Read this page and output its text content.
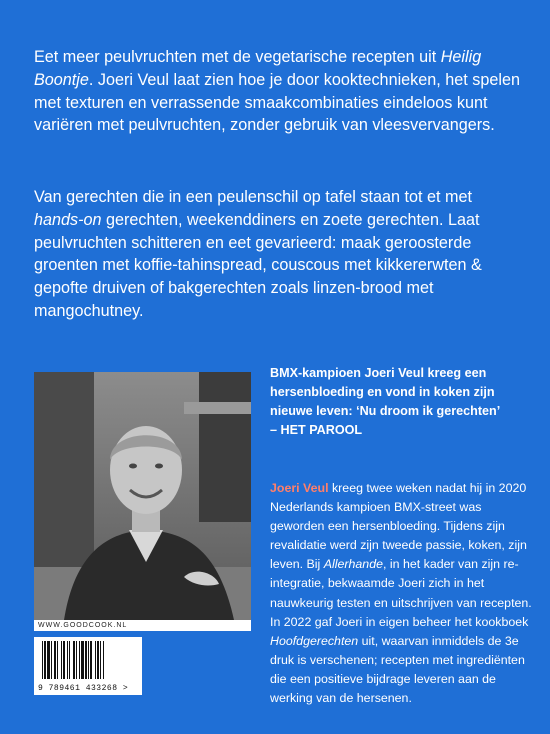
Eet meer peulvruchten met de vegetarische recepten uit Heilig Boontje. Joeri Veul laat zien hoe je door kooktechnieken, het spelen met texturen en verrassende smaakcombinaties eindeloos kunt variëren met peulvruchten, zonder gebruik van vleesvervangers.

Van gerechten die in een peulenschil op tafel staan tot et met hands-on gerechten, weekenddiners en zoete gerechten. Laat peulvruchten schitteren en eet gevarieerd: maak geroosterde groenten met koffie-tahinspread, couscous met kikkererwten & gepofte druiven of bakgerechten zoals linzen-brood met mangochutney.

WWW.GOODCOOK.NL
9 789461 433268 >

BMX-kampioen Joeri Veul kreeg een hersenbloeding en vond in koken zijn nieuwe leven: ‘Nu droom ik gerechten’

– HET PAROOL

Joeri Veul kreeg twee weken nadat hij in 2020 Nederlands kampioen BMX-street was geworden een hersenbloeding. Tijdens zijn revalidatie werd zijn tweede passie, koken, zijn leven. Bij Allerhande, in het kader van zijn re-integratie, bekwaamde Joeri zich in het nauwkeurig testen en uitschrijven van recepten. In 2022 gaf Joeri in eigen beheer het kookboek Hoofdgerechten uit, waarvan inmiddels de 3e druk is verschenen; recepten met ingrediënten die een positieve bijdrage leveren aan de werking van de hersenen.
